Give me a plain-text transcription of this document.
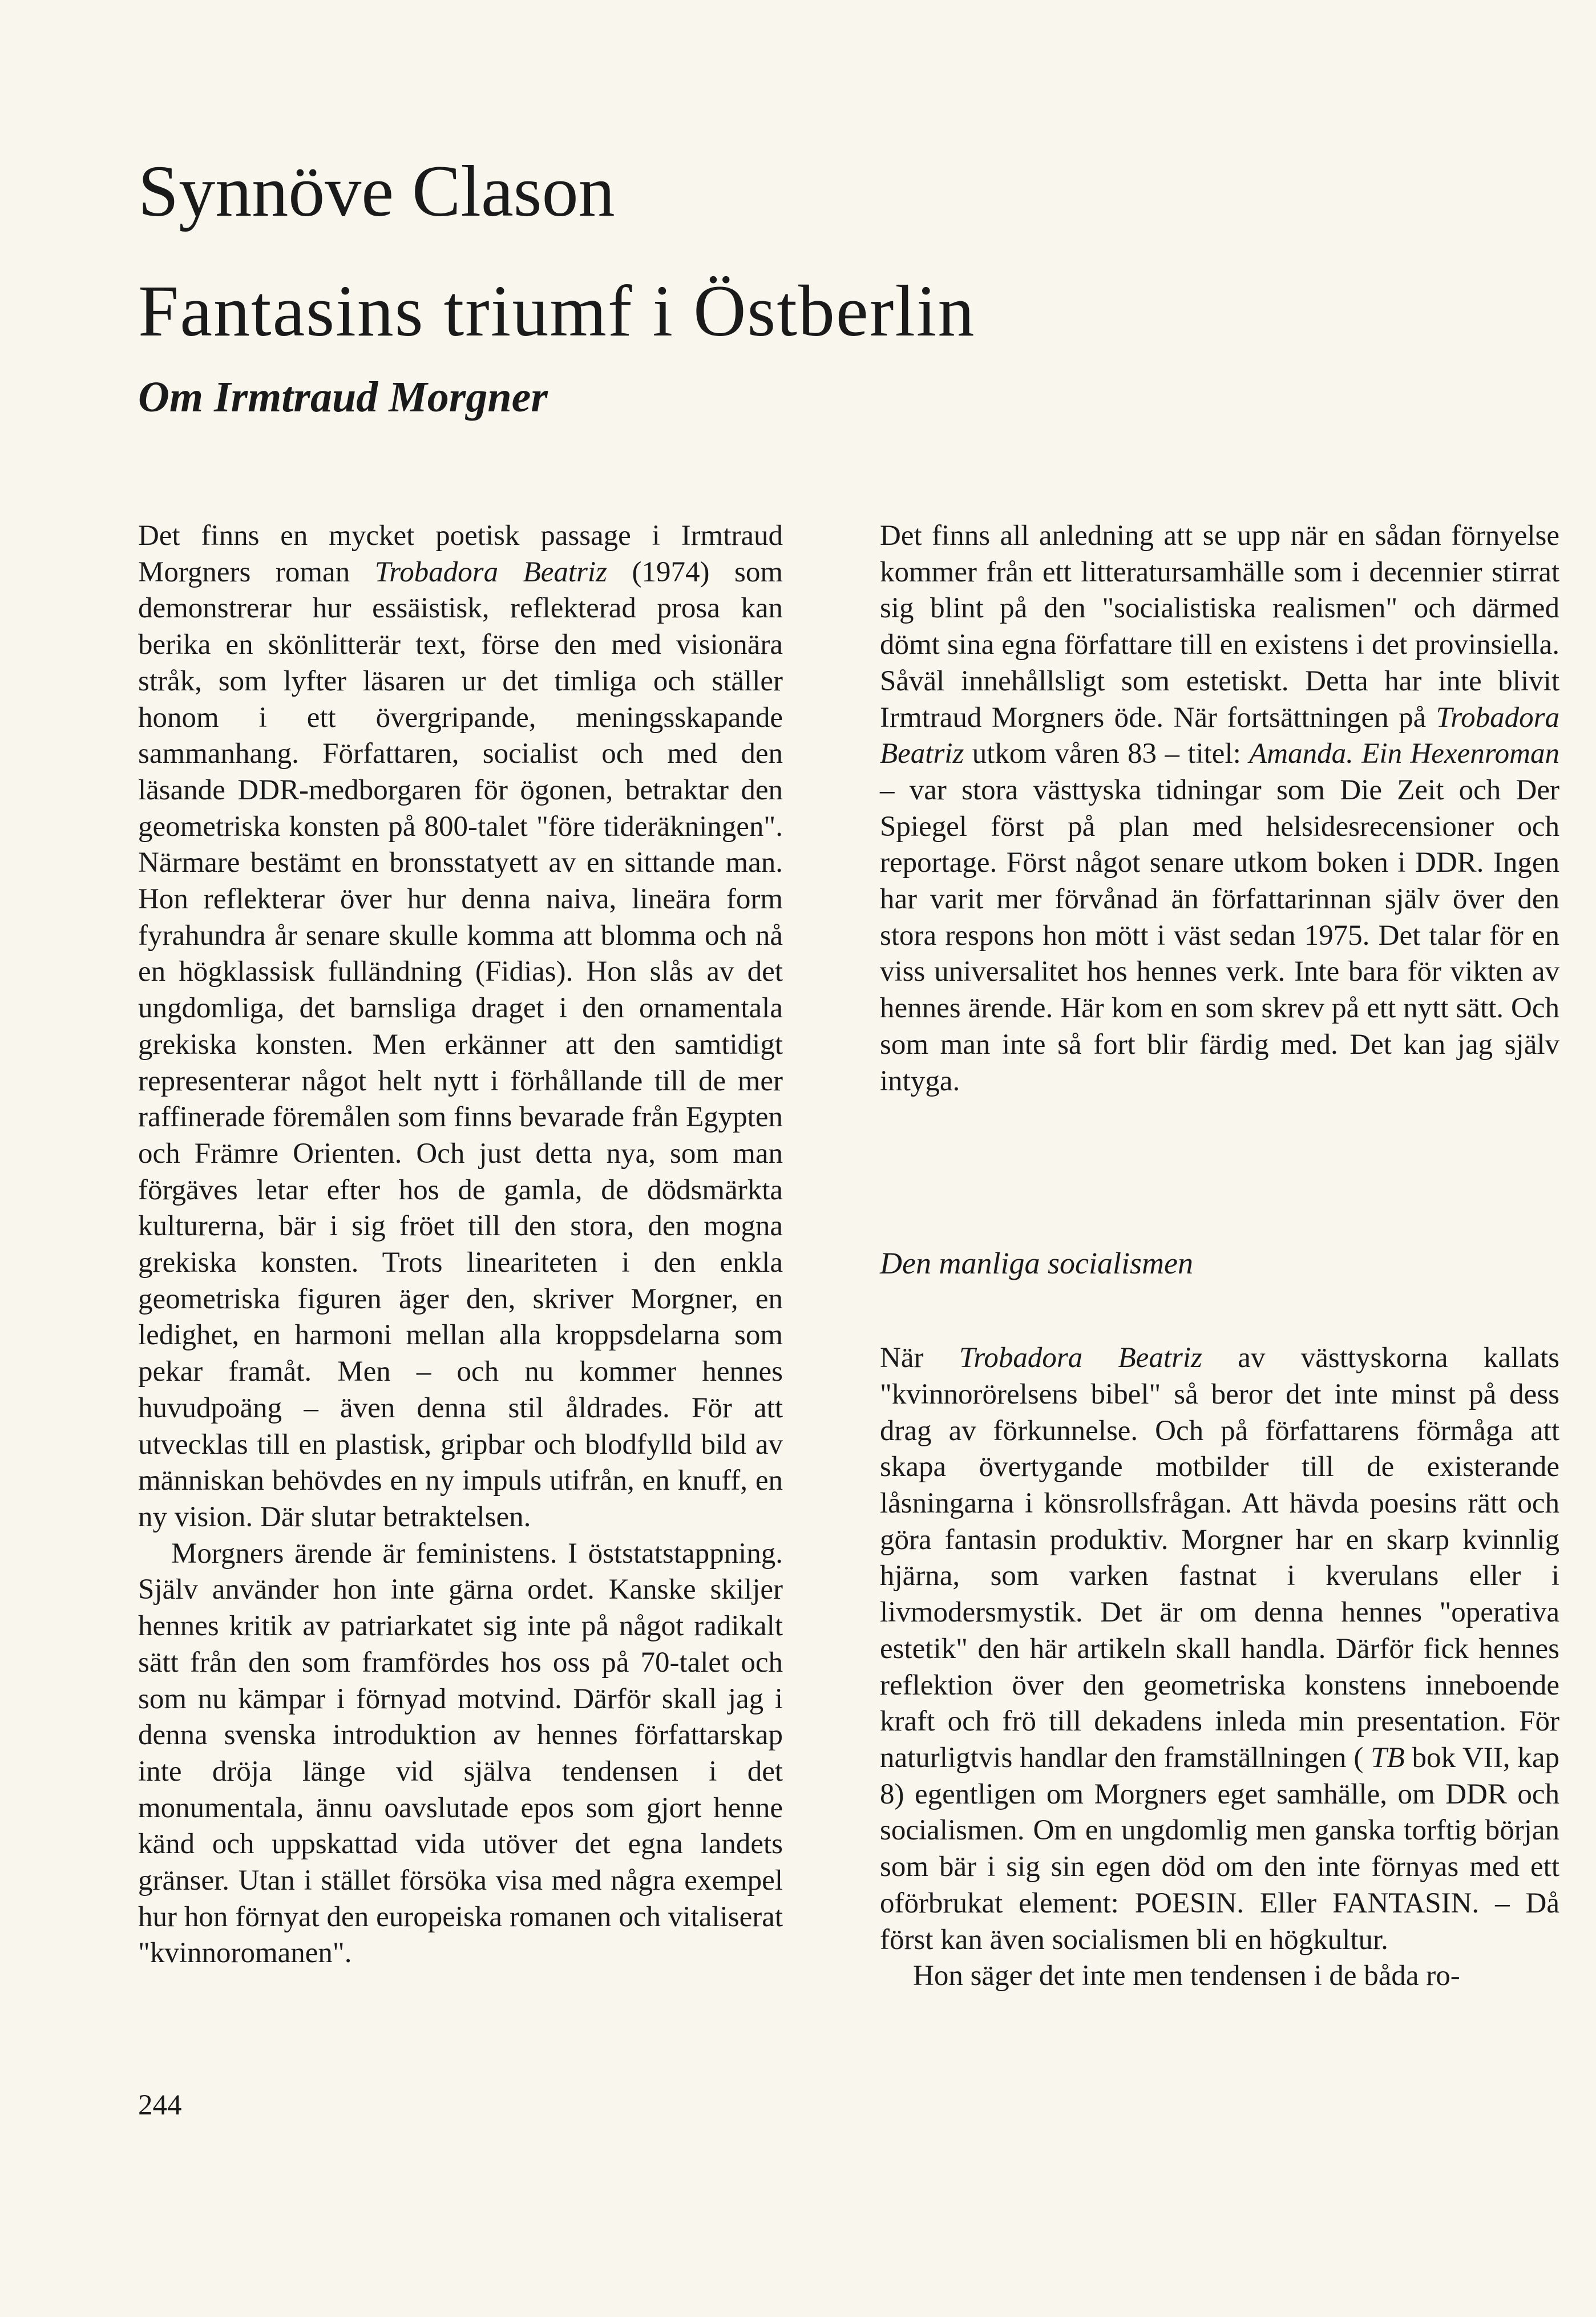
Synnöve Clason
Fantasins triumf i Östberlin
Om Irmtraud Morgner

Det finns en mycket poetisk passage i Irmtraud Morgners roman Trobadora Beatriz (1974) som demonstrerar hur essäistisk, reflekterad prosa kan berika en skönlitterär text, förse den med visionära stråk, som lyfter läsaren ur det timliga och ställer honom i ett övergripande, meningsskapande sammanhang. Författaren, socialist och med den läsande DDR-medborgaren för ögonen, betraktar den geometriska konsten på 800-talet "före tideräkningen". Närmare bestämt en bronsstatyett av en sittande man. Hon reflekterar över hur denna naiva, lineära form fyrahundra år senare skulle komma att blomma och nå en högklassisk fulländning (Fidias). Hon slås av det ungdomliga, det barnsliga draget i den ornamentala grekiska konsten. Men erkänner att den samtidigt representerar något helt nytt i förhållande till de mer raffinerade föremålen som finns bevarade från Egypten och Främre Orienten. Och just detta nya, som man förgäves letar efter hos de gamla, de dödsmärkta kulturerna, bär i sig fröet till den stora, den mogna grekiska konsten. Trots lineariteten i den enkla geometriska figuren äger den, skriver Morgner, en ledighet, en harmoni mellan alla kroppsdelarna som pekar framåt. Men – och nu kommer hennes huvudpoäng – även denna stil åldrades. För att utvecklas till en plastisk, gripbar och blodfylld bild av människan behövdes en ny impuls utifrån, en knuff, en ny vision. Där slutar betraktelsen.

Morgners ärende är feministens. I öststatstappning. Själv använder hon inte gärna ordet. Kanske skiljer hennes kritik av patriarkatet sig inte på något radikalt sätt från den som framfördes hos oss på 70-talet och som nu kämpar i förnyad motvind. Därför skall jag i denna svenska introduktion av hennes författarskap inte dröja länge vid själva tendensen i det monumentala, ännu oavslutade epos som gjort henne känd och uppskattad vida utöver det egna landets gränser. Utan i stället försöka visa med några exempel hur hon förnyat den europeiska romanen och vitaliserat "kvinnoromanen".

Det finns all anledning att se upp när en sådan förnyelse kommer från ett litteratursamhälle som i decennier stirrat sig blint på den "socialistiska realismen" och därmed dömt sina egna författare till en existens i det provinsiella. Såväl innehållsligt som estetiskt. Detta har inte blivit Irmtraud Morgners öde. När fortsättningen på Trobadora Beatriz utkom våren 83 – titel: Amanda. Ein Hexenroman – var stora västtyska tidningar som Die Zeit och Der Spiegel först på plan med helsidesrecensioner och reportage. Först något senare utkom boken i DDR. Ingen har varit mer förvånad än författarinnan själv över den stora respons hon mött i väst sedan 1975. Det talar för en viss universalitet hos hennes verk. Inte bara för vikten av hennes ärende. Här kom en som skrev på ett nytt sätt. Och som man inte så fort blir färdig med. Det kan jag själv intyga.

Den manliga socialismen

När Trobadora Beatriz av västtyskorna kallats "kvinnorörelsens bibel" så beror det inte minst på dess drag av förkunnelse. Och på författarens förmåga att skapa övertygande motbilder till de existerande låsningarna i könsrollsfrågan. Att hävda poesins rätt och göra fantasin produktiv. Morgner har en skarp kvinnlig hjärna, som varken fastnat i kverulans eller i livmodersmystik. Det är om denna hennes "operativa estetik" den här artikeln skall handla. Därför fick hennes reflektion över den geometriska konstens inneboende kraft och frö till dekadens inleda min presentation. För naturligtvis handlar den framställningen ( TB bok VII, kap 8) egentligen om Morgners eget samhälle, om DDR och socialismen. Om en ungdomlig men ganska torftig början som bär i sig sin egen död om den inte förnyas med ett oförbrukat element: POESIN. Eller FANTASIN. – Då först kan även socialismen bli en högkultur.

Hon säger det inte men tendensen i de båda ro-

244
